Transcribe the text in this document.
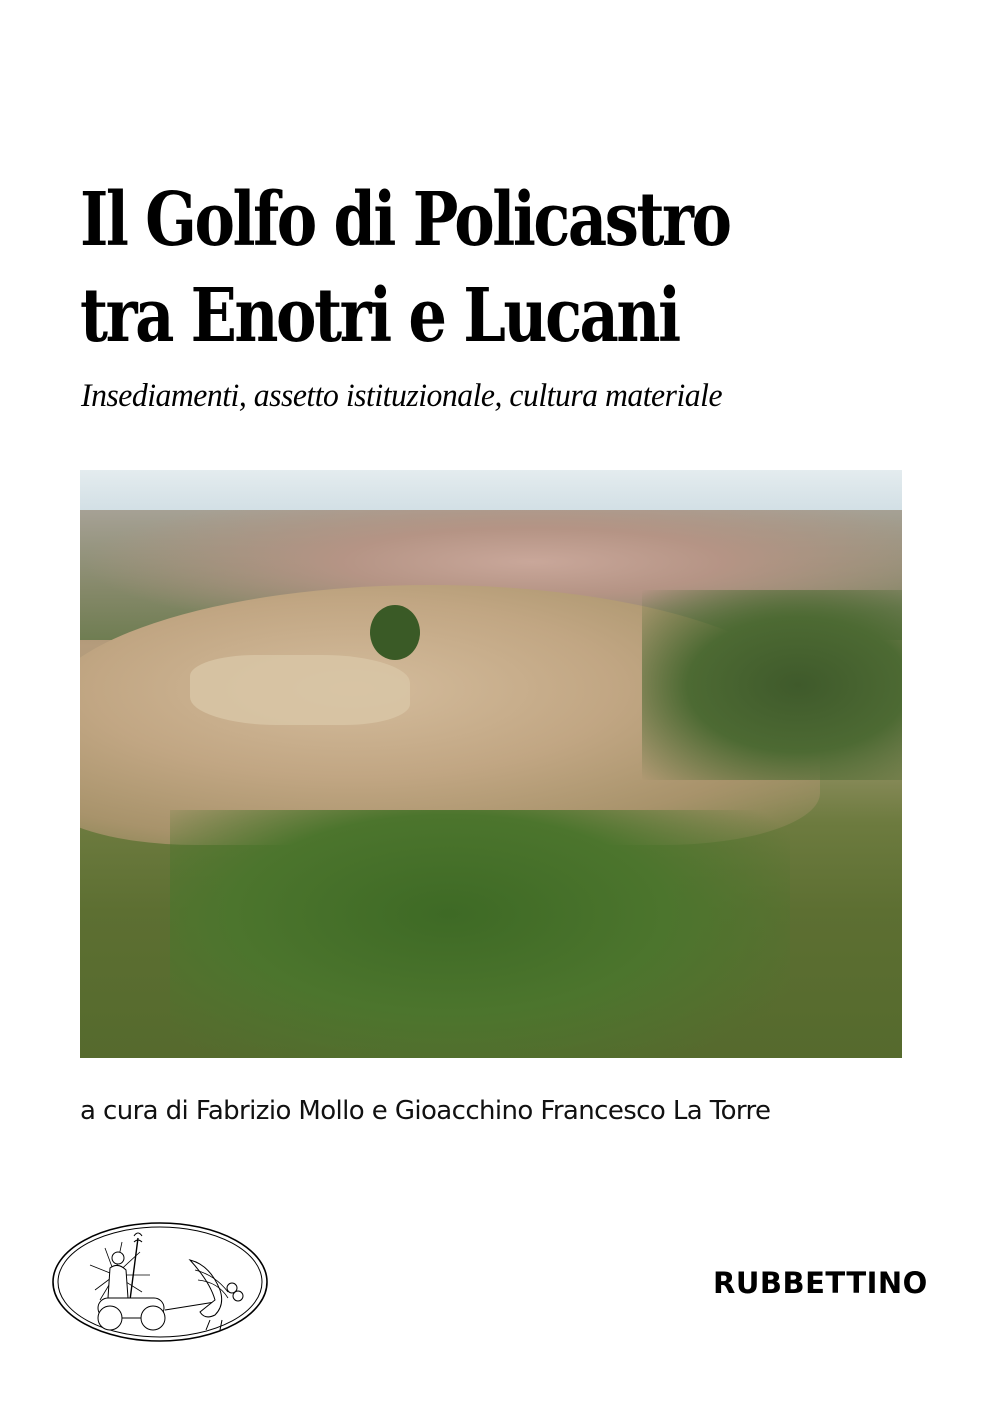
Il Golfo di Policastro
tra Enotri e Lucani
Insediamenti, assetto istituzionale, cultura materiale
a cura di Fabrizio Mollo e Gioacchino Francesco La Torre
RUBBETTINO
